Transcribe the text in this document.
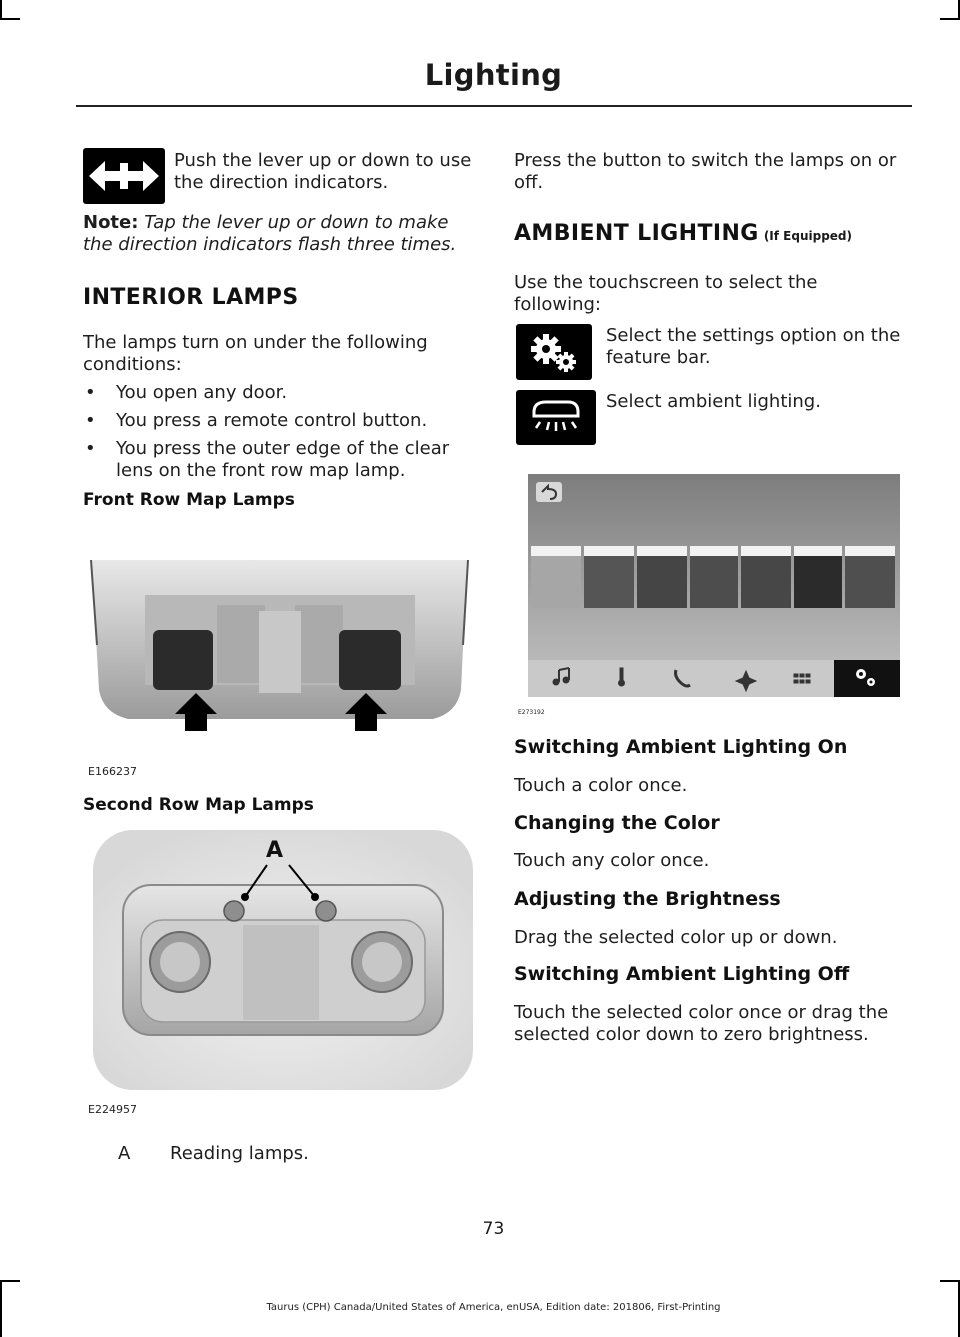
Lighting
Push the lever up or down to use the direction indicators.
Note: Tap the lever up or down to make the direction indicators flash three times.
INTERIOR LAMPS
The lamps turn on under the following conditions:
• You open any door.
• You press a remote control button.
• You press the outer edge of the clear lens on the front row map lamp.
Front Row Map Lamps
E166237
Second Row Map Lamps
A
E224957
A Reading lamps.
Press the button to switch the lamps on or off.
AMBIENT LIGHTING (If Equipped)
Use the touchscreen to select the following:
Select the settings option on the feature bar.
Select ambient lighting.
E273192
Switching Ambient Lighting On
Touch a color once.
Changing the Color
Touch any color once.
Adjusting the Brightness
Drag the selected color up or down.
Switching Ambient Lighting Off
Touch the selected color once or drag the selected color down to zero brightness.
73
Taurus (CPH) Canada/United States of America, enUSA, Edition date: 201806, First-Printing
